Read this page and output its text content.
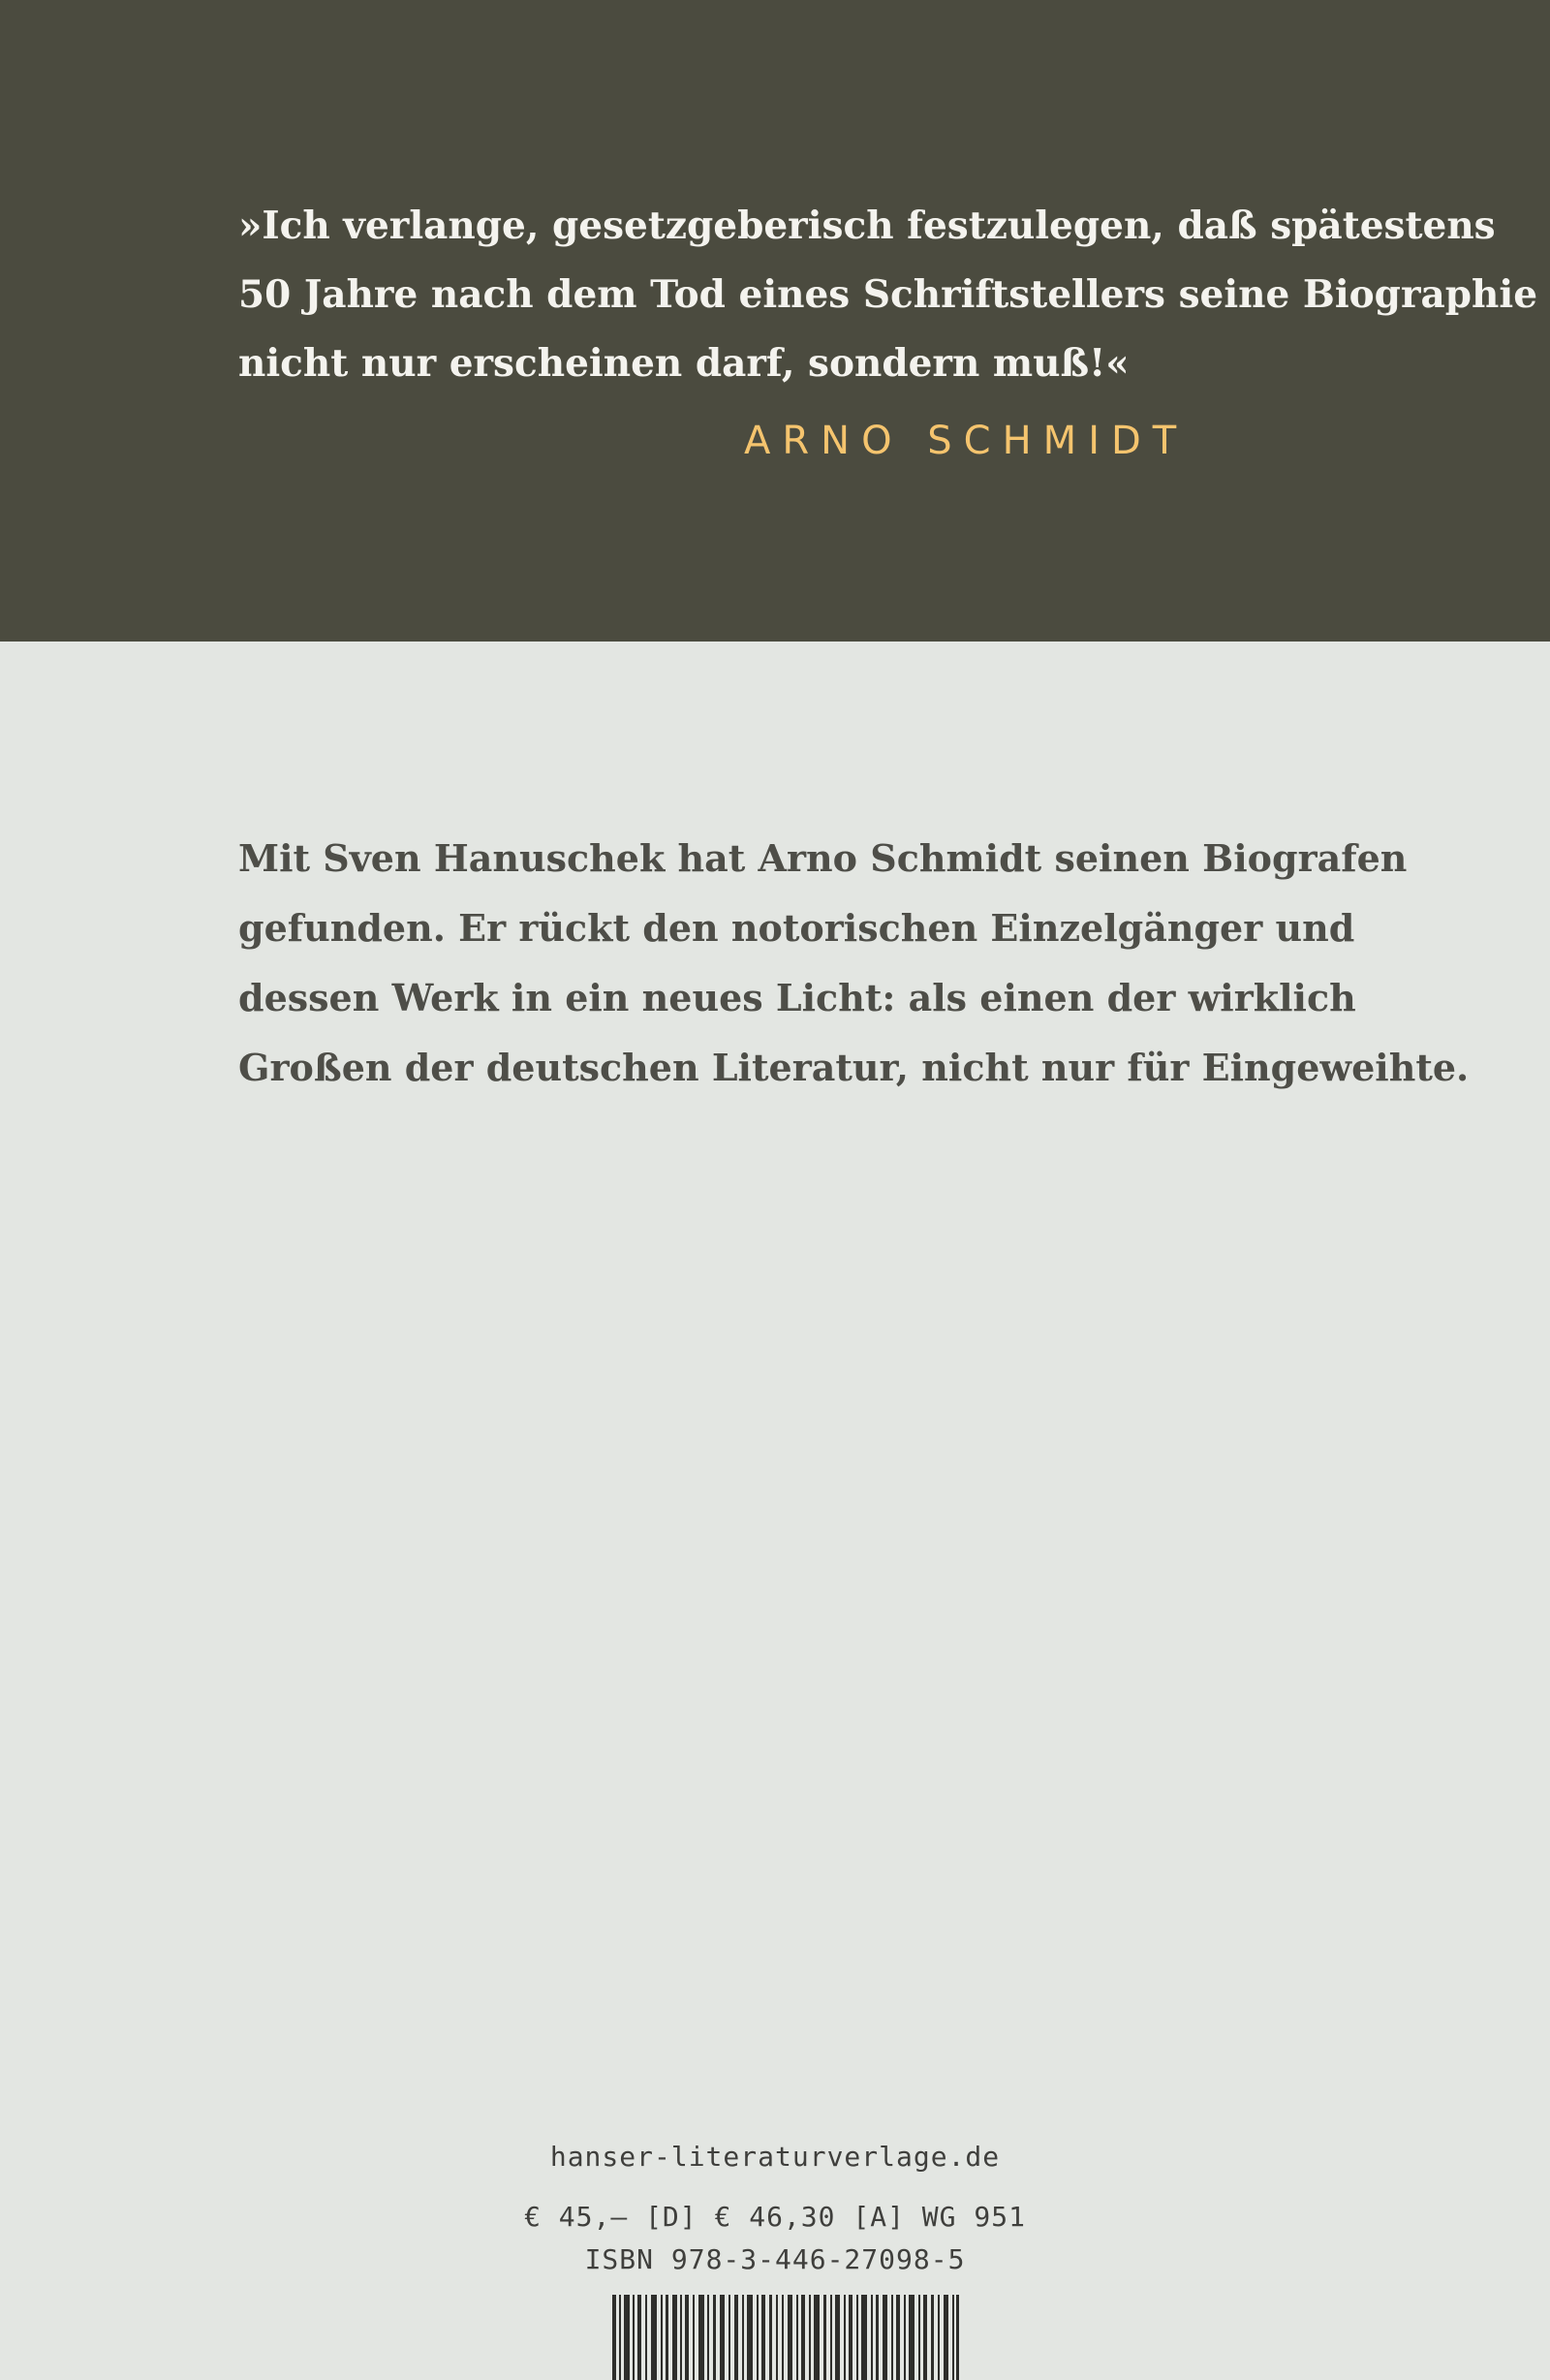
»Ich verlange, gesetzgeberisch festzulegen, daß spätestens
50 Jahre nach dem Tod eines Schriftstellers seine Biographie
nicht nur erscheinen darf, sondern muß!«
ARNO SCHMIDT
Mit Sven Hanuschek hat Arno Schmidt seinen Biografen
gefunden. Er rückt den notorischen Einzelgänger und
dessen Werk in ein neues Licht: als einen der wirklich
Großen der deutschen Literatur, nicht nur für Eingeweihte.
hanser-literaturverlage.de
€ 45,– [D] € 46,30 [A] WG 951
ISBN 978-3-446-27098-5
